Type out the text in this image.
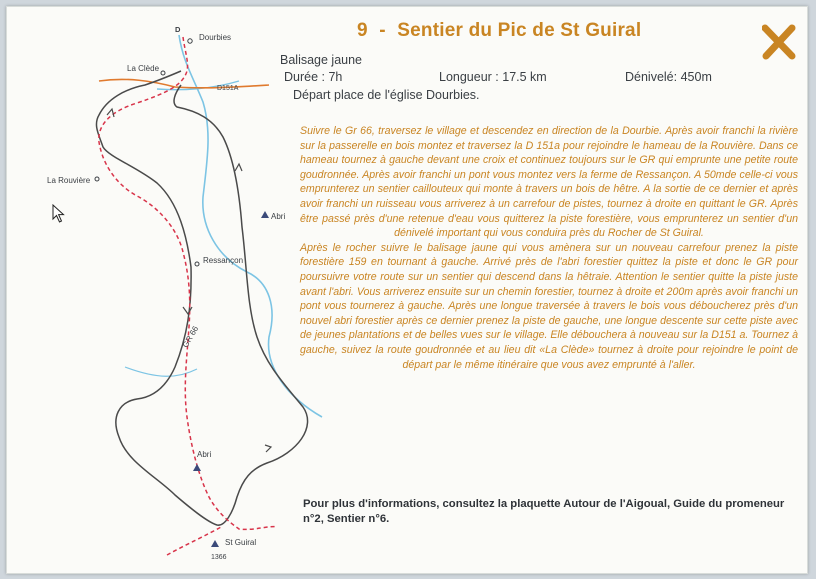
D
Dourbies
La Clède
D151A
La Rouvière
Abri
Ressançon
GR 66
Abri
St Guiral
1366
9 - Sentier du Pic de St Guiral
Balisage jaune
Durée : 7h	Longueur : 17.5 km	Dénivelé: 450m
Départ place de l'église Dourbies.

Suivre le Gr 66, traversez le village et descendez en direction de la Dourbie. Après avoir franchi la rivière sur la passerelle en bois montez et traversez la D 151a pour rejoindre le hameau de la Rouvière. Dans ce hameau tournez à gauche devant une croix et continuez toujours sur le GR qui emprunte une petite route goudronnée. Après avoir franchi un pont vous montez vers la ferme de Ressançon. A 50mde celle-ci vous emprunterez un sentier caillouteux qui monte à travers un bois de hêtre. A la sortie de ce dernier et après avoir franchi un ruisseau vous arriverez à un carrefour de pistes, tournez à droite en quittant le GR. Après être passé près d'une retenue d'eau vous quitterez la piste forestière, vous emprunterez un sentier d'un dénivelé important qui vous conduira près du Rocher de St Guiral.

Après le rocher suivre le balisage jaune qui vous amènera sur un nouveau carrefour prenez la piste forestière 159 en tournant à gauche. Arrivé près de l'abri forestier quittez la piste et donc le GR pour poursuivre votre route sur un sentier qui descend dans la hêtraie. Attention le sentier quitte la piste juste avant l'abri. Vous arriverez ensuite sur un chemin forestier, tournez à droite et 200m après avoir franchi un pont vous tournerez à gauche. Après une longue traversée à travers le bois vous déboucherez près d'un nouvel abri forestier après ce dernier prenez la piste de gauche, une longue descente sur cette piste avec de jeunes plantations et de belles vues sur le village. Elle débouchera à nouveau sur la D151 a. Tournez à gauche, suivez la route goudronnée et au lieu dit «La Clède» tournez à droite pour rejoindre le point de départ par le même itinéraire que vous avez emprunté à l'aller.

Pour plus d'informations, consultez la plaquette Autour de l'Aigoual, Guide du promeneur n°2, Sentier n°6.
